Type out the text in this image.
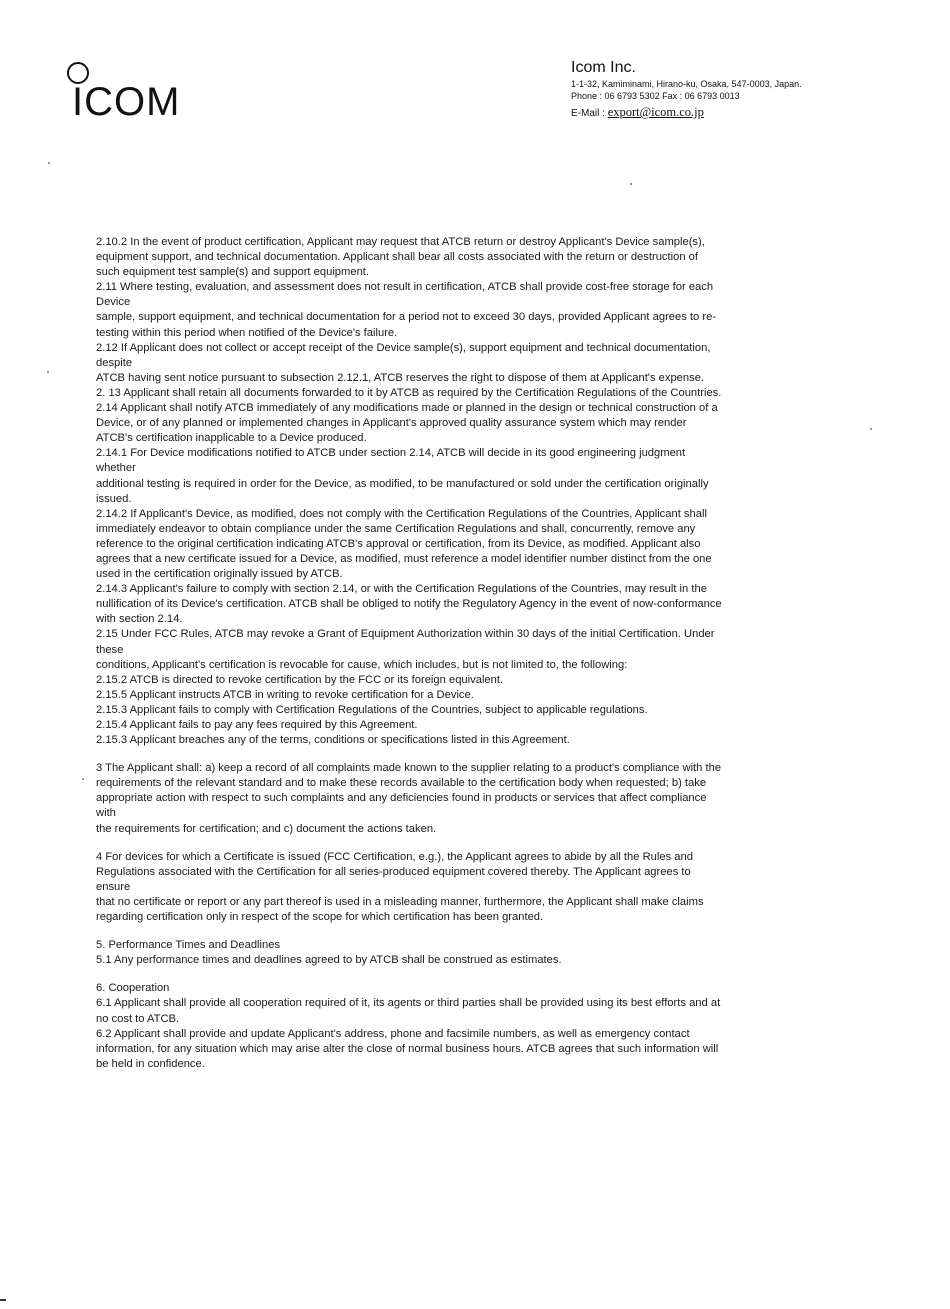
ICOM
Icom Inc.
1-1-32, Kamiminami, Hirano-ku, Osaka, 547-0003, Japan.
Phone : 06 6793 5302 Fax : 06 6793 0013
E-Mail : export@icom.co.jp
2.10.2 In the event of product certification, Applicant may request that ATCB return or destroy Applicant's Device sample(s),
equipment support, and technical documentation. Applicant shall bear all costs associated with the return or destruction of
such equipment test sample(s) and support equipment.
2.11 Where testing, evaluation, and assessment does not result in certification, ATCB shall provide cost-free storage for each
Device
sample, support equipment, and technical documentation for a period not to exceed 30 days, provided Applicant agrees to re-
testing within this period when notified of the Device's failure.
2.12 If Applicant does not collect or accept receipt of the Device sample(s), support equipment and technical documentation,
despite
ATCB having sent notice pursuant to subsection 2.12.1, ATCB reserves the right to dispose of them at Applicant's expense.
2. 13 Applicant shall retain all documents forwarded to it by ATCB as required by the Certification Regulations of the Countries.
2.14 Applicant shall notify ATCB immediately of any modifications made or planned in the design or technical construction of a
Device, or of any planned or implemented changes in Applicant's approved quality assurance system which may render
ATCB's certification inapplicable to a Device produced.
2.14.1 For Device modifications notified to ATCB under section 2.14, ATCB will decide in its good engineering judgment
whether
additional testing is required in order for the Device, as modified, to be manufactured or sold under the certification originally
issued.
2.14.2 If Applicant's Device, as modified, does not comply with the Certification Regulations of the Countries, Applicant shall
immediately endeavor to obtain compliance under the same Certification Regulations and shall, concurrently, remove any
reference to the original certification indicating ATCB's approval or certification, from its Device, as modified. Applicant also
agrees that a new certificate issued for a Device, as modified, must reference a model identifier number distinct from the one
used in the certification originally issued by ATCB.
2.14.3 Applicant's failure to comply with section 2.14, or with the Certification Regulations of the Countries, may result in the
nullification of its Device's certification. ATCB shall be obliged to notify the Regulatory Agency in the event of now-conformance
with section 2.14.
2.15 Under FCC Rules, ATCB may revoke a Grant of Equipment Authorization within 30 days of the initial Certification. Under
these
conditions, Applicant's certification is revocable for cause, which includes, but is not limited to, the following:
2.15.2 ATCB is directed to revoke certification by the FCC or its foreign equivalent.
2.15.5 Applicant instructs ATCB in writing to revoke certification for a Device.
2.15.3 Applicant fails to comply with Certification Regulations of the Countries, subject to applicable regulations.
2.15.4 Applicant fails to pay any fees required by this Agreement.
2.15.3 Applicant breaches any of the terms, conditions or specifications listed in this Agreement.
3 The Applicant shall: a) keep a record of all complaints made known to the supplier relating to a product's compliance with the
requirements of the relevant standard and to make these records available to the certification body when requested; b) take
appropriate action with respect to such complaints and any deficiencies found in products or services that affect compliance
with
the requirements for certification; and c) document the actions taken.
4 For devices for which a Certificate is issued (FCC Certification, e.g.), the Applicant agrees to abide by all the Rules and
Regulations associated with the Certification for all series-produced equipment covered thereby. The Applicant agrees to
ensure
that no certificate or report or any part thereof is used in a misleading manner, furthermore, the Applicant shall make claims
regarding certification only in respect of the scope for which certification has been granted.
5. Performance Times and Deadlines
5.1 Any performance times and deadlines agreed to by ATCB shall be construed as estimates.
6. Cooperation
6.1 Applicant shall provide all cooperation required of it, its agents or third parties shall be provided using its best efforts and at
no cost to ATCB.
6.2 Applicant shall provide and update Applicant's address, phone and facsimile numbers, as well as emergency contact
information, for any situation which may arise alter the close of normal business hours. ATCB agrees that such information will
be held in confidence.
